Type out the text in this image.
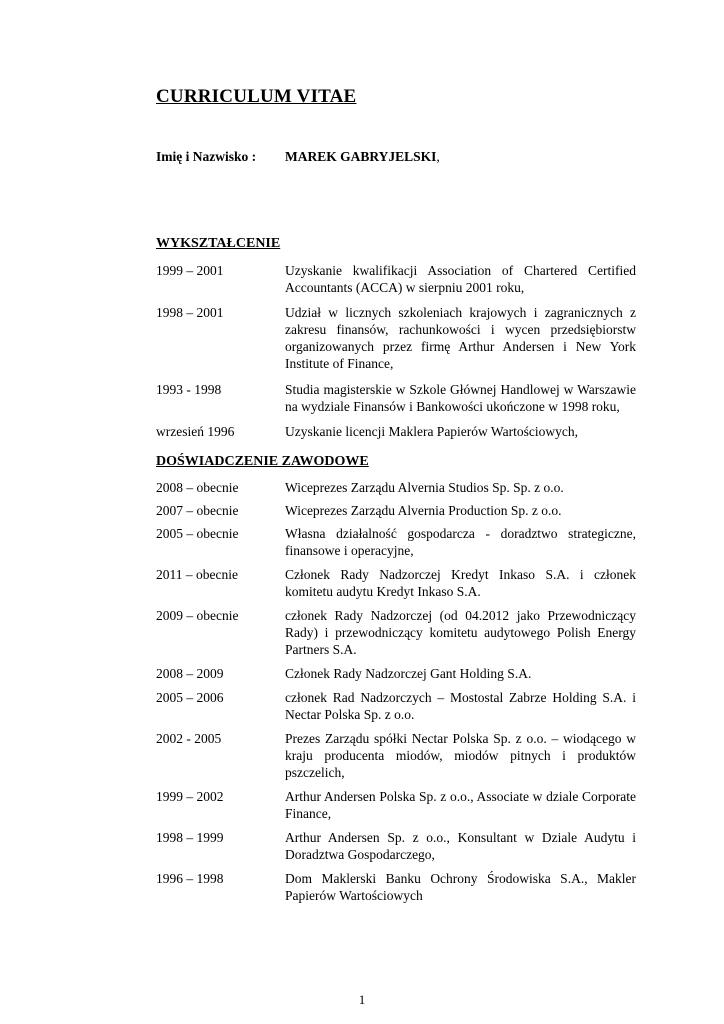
CURRICULUM VITAE
Imię i Nazwisko : MAREK GABRYJELSKI,
WYKSZTAŁCENIE
1999 – 2001	Uzyskanie kwalifikacji Association of Chartered Certified Accountants (ACCA) w sierpniu 2001 roku,
1998 – 2001	Udział w licznych szkoleniach krajowych i zagranicznych z zakresu finansów, rachunkowości i wycen przedsiębiorstw organizowanych przez firmę Arthur Andersen i New York Institute of Finance,
1993 - 1998	Studia magisterskie w Szkole Głównej Handlowej w Warszawie na wydziale Finansów i Bankowości ukończone w 1998 roku,
wrzesień 1996	Uzyskanie licencji Maklera Papierów Wartościowych,
DOŚWIADCZENIE ZAWODOWE
2008 – obecnie	Wiceprezes Zarządu Alvernia Studios Sp. Sp. z o.o.
2007 – obecnie	Wiceprezes Zarządu Alvernia Production Sp. z o.o.
2005 – obecnie	Własna działalność gospodarcza - doradztwo strategiczne, finansowe i operacyjne,
2011 – obecnie	Członek Rady Nadzorczej Kredyt Inkaso S.A. i członek komitetu audytu Kredyt Inkaso S.A.
2009 – obecnie	członek Rady Nadzorczej (od 04.2012 jako Przewodniczący Rady) i przewodniczący komitetu audytowego Polish Energy Partners S.A.
2008 – 2009	Członek Rady Nadzorczej Gant Holding S.A.
2005 – 2006	członek Rad Nadzorczych – Mostostal Zabrze Holding S.A. i Nectar Polska Sp. z o.o.
2002 - 2005	Prezes Zarządu spółki Nectar Polska Sp. z o.o. – wiodącego w kraju producenta miodów, miodów pitnych i produktów pszczelich,
1999 – 2002	Arthur Andersen Polska Sp. z o.o., Associate w dziale Corporate Finance,
1998 – 1999	Arthur Andersen Sp. z o.o., Konsultant w Dziale Audytu i Doradztwa Gospodarczego,
1996 – 1998	Dom Maklerski Banku Ochrony Środowiska S.A., Makler Papierów Wartościowych
1
